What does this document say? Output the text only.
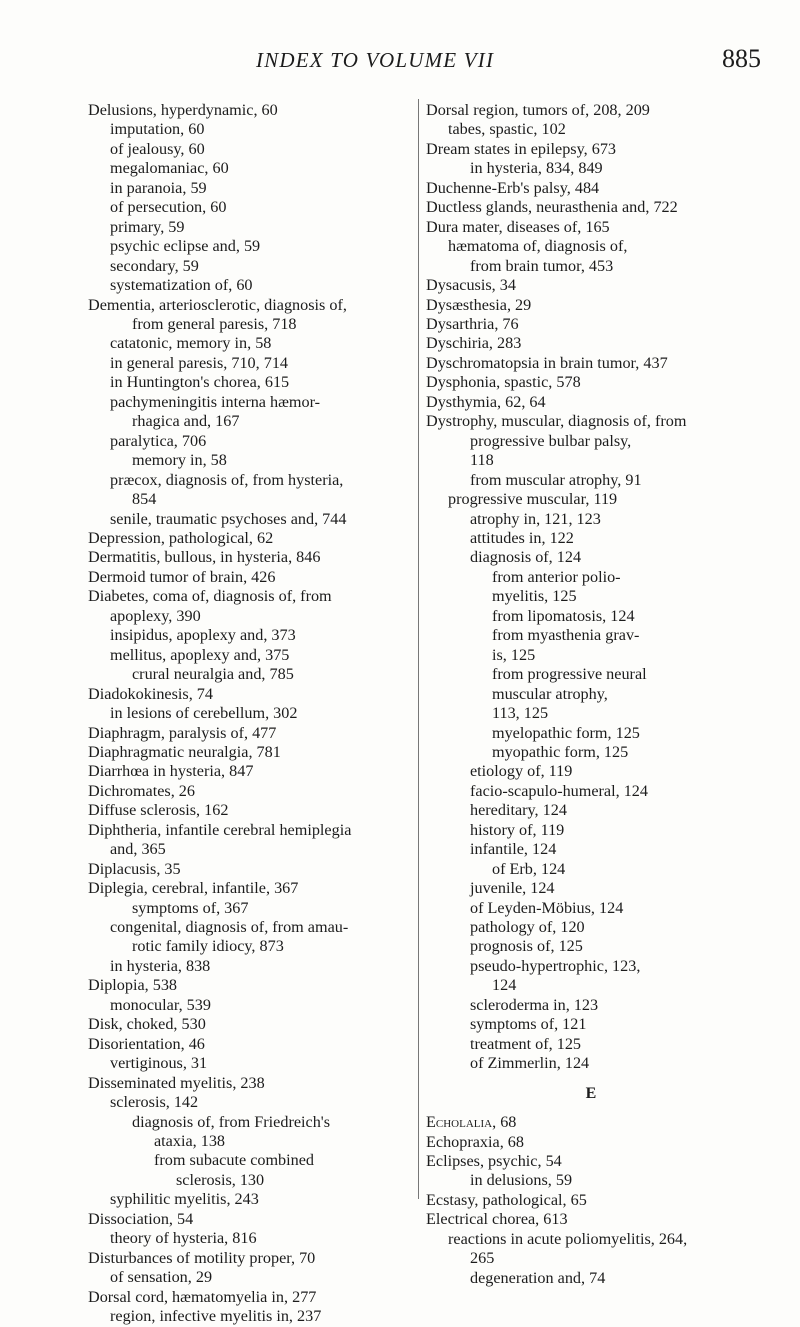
INDEX TO VOLUME VII	885
Delusions, hyperdynamic, 60
imputation, 60
of jealousy, 60
megalomaniac, 60
in paranoia, 59
of persecution, 60
primary, 59
psychic eclipse and, 59
secondary, 59
systematization of, 60
Dementia, arteriosclerotic, diagnosis of,
from general paresis, 718
catatonic, memory in, 58
in general paresis, 710, 714
in Huntington's chorea, 615
pachymeningitis interna hæmor-
rhagica and, 167
paralytica, 706
memory in, 58
præcox, diagnosis of, from hysteria,
854
senile, traumatic psychoses and, 744
Depression, pathological, 62
Dermatitis, bullous, in hysteria, 846
Dermoid tumor of brain, 426
Diabetes, coma of, diagnosis of, from
apoplexy, 390
insipidus, apoplexy and, 373
mellitus, apoplexy and, 375
crural neuralgia and, 785
Diadokokinesis, 74
in lesions of cerebellum, 302
Diaphragm, paralysis of, 477
Diaphragmatic neuralgia, 781
Diarrhœa in hysteria, 847
Dichromates, 26
Diffuse sclerosis, 162
Diphtheria, infantile cerebral hemiplegia
and, 365
Diplacusis, 35
Diplegia, cerebral, infantile, 367
symptoms of, 367
congenital, diagnosis of, from amau-
rotic family idiocy, 873
in hysteria, 838
Diplopia, 538
monocular, 539
Disk, choked, 530
Disorientation, 46
vertiginous, 31
Disseminated myelitis, 238
sclerosis, 142
diagnosis of, from Friedreich's
ataxia, 138
from subacute combined
sclerosis, 130
syphilitic myelitis, 243
Dissociation, 54
theory of hysteria, 816
Disturbances of motility proper, 70
of sensation, 29
Dorsal cord, hæmatomyelia in, 277
region, infective myelitis in, 237
Dorsal region, tumors of, 208, 209
tabes, spastic, 102
Dream states in epilepsy, 673
in hysteria, 834, 849
Duchenne-Erb's palsy, 484
Ductless glands, neurasthenia and, 722
Dura mater, diseases of, 165
hæmatoma of, diagnosis of,
from brain tumor, 453
Dysacusis, 34
Dysæsthesia, 29
Dysarthria, 76
Dyschiria, 283
Dyschromatopsia in brain tumor, 437
Dysphonia, spastic, 578
Dysthymia, 62, 64
Dystrophy, muscular, diagnosis of, from
progressive bulbar palsy,
118
from muscular atrophy, 91
progressive muscular, 119
atrophy in, 121, 123
attitudes in, 122
diagnosis of, 124
from anterior polio-
myelitis, 125
from lipomatosis, 124
from myasthenia grav-
is, 125
from progressive neural
muscular atrophy,
113, 125
myelopathic form, 125
myopathic form, 125
etiology of, 119
facio-scapulo-humeral, 124
hereditary, 124
history of, 119
infantile, 124
of Erb, 124
juvenile, 124
of Leyden-Möbius, 124
pathology of, 120
prognosis of, 125
pseudo-hypertrophic, 123,
124
scleroderma in, 123
symptoms of, 121
treatment of, 125
of Zimmerlin, 124
E
Echolalia, 68
Echopraxia, 68
Eclipses, psychic, 54
in delusions, 59
Ecstasy, pathological, 65
Electrical chorea, 613
reactions in acute poliomyelitis, 264,
265
degeneration and, 74
